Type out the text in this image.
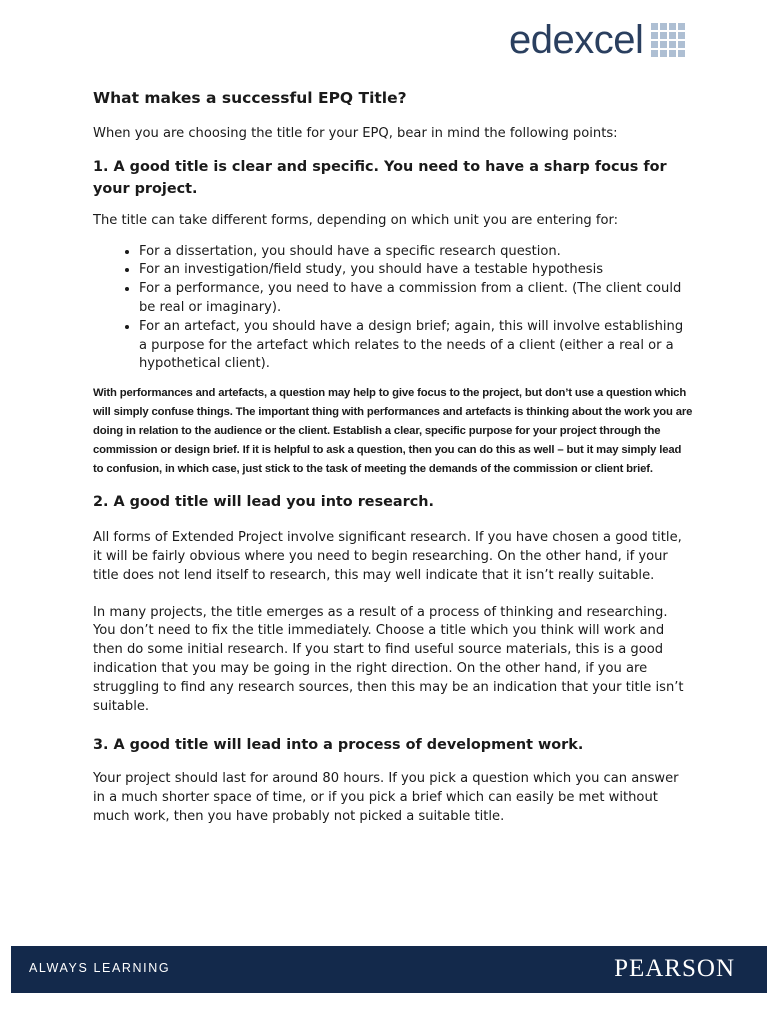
edexcel
What makes a successful EPQ Title?

When you are choosing the title for your EPQ, bear in mind the following points:

1. A good title is clear and specific. You need to have a sharp focus for your project.

The title can take different forms, depending on which unit you are entering for:

• For a dissertation, you should have a specific research question.
• For an investigation/field study, you should have a testable hypothesis
• For a performance, you need to have a commission from a client. (The client could be real or imaginary).
• For an artefact, you should have a design brief; again, this will involve establishing a purpose for the artefact which relates to the needs of a client (either a real or a hypothetical client).

With performances and artefacts, a question may help to give focus to the project, but don’t use a question which will simply confuse things. The important thing with performances and artefacts is thinking about the work you are doing in relation to the audience or the client. Establish a clear, specific purpose for your project through the commission or design brief. If it is helpful to ask a question, then you can do this as well – but it may simply lead to confusion, in which case, just stick to the task of meeting the demands of the commission or client brief.

2. A good title will lead you into research.

All forms of Extended Project involve significant research. If you have chosen a good title, it will be fairly obvious where you need to begin researching. On the other hand, if your title does not lend itself to research, this may well indicate that it isn’t really suitable.

In many projects, the title emerges as a result of a process of thinking and researching. You don’t need to fix the title immediately. Choose a title which you think will work and then do some initial research. If you start to find useful source materials, this is a good indication that you may be going in the right direction. On the other hand, if you are struggling to find any research sources, then this may be an indication that your title isn’t suitable.

3. A good title will lead into a process of development work.

Your project should last for around 80 hours. If you pick a question which you can answer in a much shorter space of time, or if you pick a brief which can easily be met without much work, then you have probably not picked a suitable title.

ALWAYS LEARNING	PEARSON
